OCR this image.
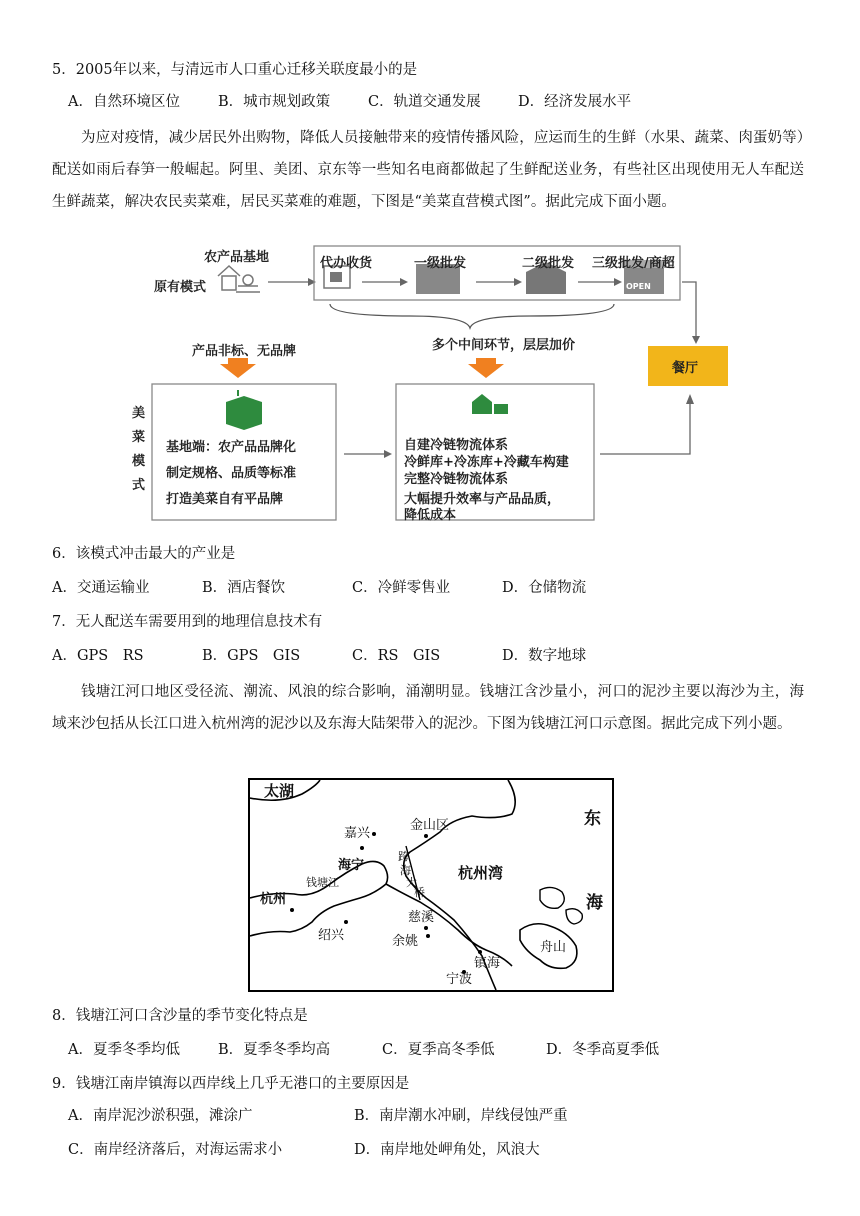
5．2005年以来，与清远市人口重心迁移关联度最小的是
A．自然环境区位	B．城市规划政策	C．轨道交通发展	D．经济发展水平
为应对疫情，减少居民外出购物，降低人员接触带来的疫情传播风险，应运而生的生鲜（水果、蔬菜、肉蛋奶等）配送如雨后春笋一般崛起。阿里、美团、京东等一些知名电商都做起了生鲜配送业务，有些社区出现使用无人车配送生鲜蔬菜，解决农民卖菜难，居民买菜难的难题，下图是“美菜直营模式图”。据此完成下面小题。
农产品基地
原有模式
代办收货	一级批发	二级批发 三级批发/商超
OPEN
产品非标、无品牌	多个中间环节，层层加价
餐厅
美
菜
模
式
基地端：农产品品牌化
制定规格、品质等标准
打造美菜自有平品牌
自建冷链物流体系
冷鲜库+冷冻库+冷藏车构建
完整冷链物流体系
大幅提升效率与产品品质，
降低成本
6．该模式冲击最大的产业是
A．交通运输业	B．酒店餐饮	C．冷鲜零售业	D．仓储物流
7．无人配送车需要用到的地理信息技术有
A．GPS　RS	B．GPS　GIS	C．RS　GIS	D．数字地球
钱塘江河口地区受径流、潮流、风浪的综合影响，涌潮明显。钱塘江含沙量小，河口的泥沙主要以海沙为主，海域来沙包括从长江口进入杭州湾的泥沙以及东海大陆架带入的泥沙。下图为钱塘江河口示意图。据此完成下列小题。
太湖
东
海
嘉兴
金山区
海宁
跨
海
大
桥
杭州湾
钱塘江
杭州
慈溪
绍兴	余姚
镇海
宁波
舟山
8．钱塘江河口含沙量的季节变化特点是
A．夏季冬季均低	B．夏季冬季均高	C．夏季高冬季低	D．冬季高夏季低
9．钱塘江南岸镇海以西岸线上几乎无港口的主要原因是
A．南岸泥沙淤积强，滩涂广	B．南岸潮水冲刷，岸线侵蚀严重
C．南岸经济落后，对海运需求小	D．南岸地处岬角处，风浪大
